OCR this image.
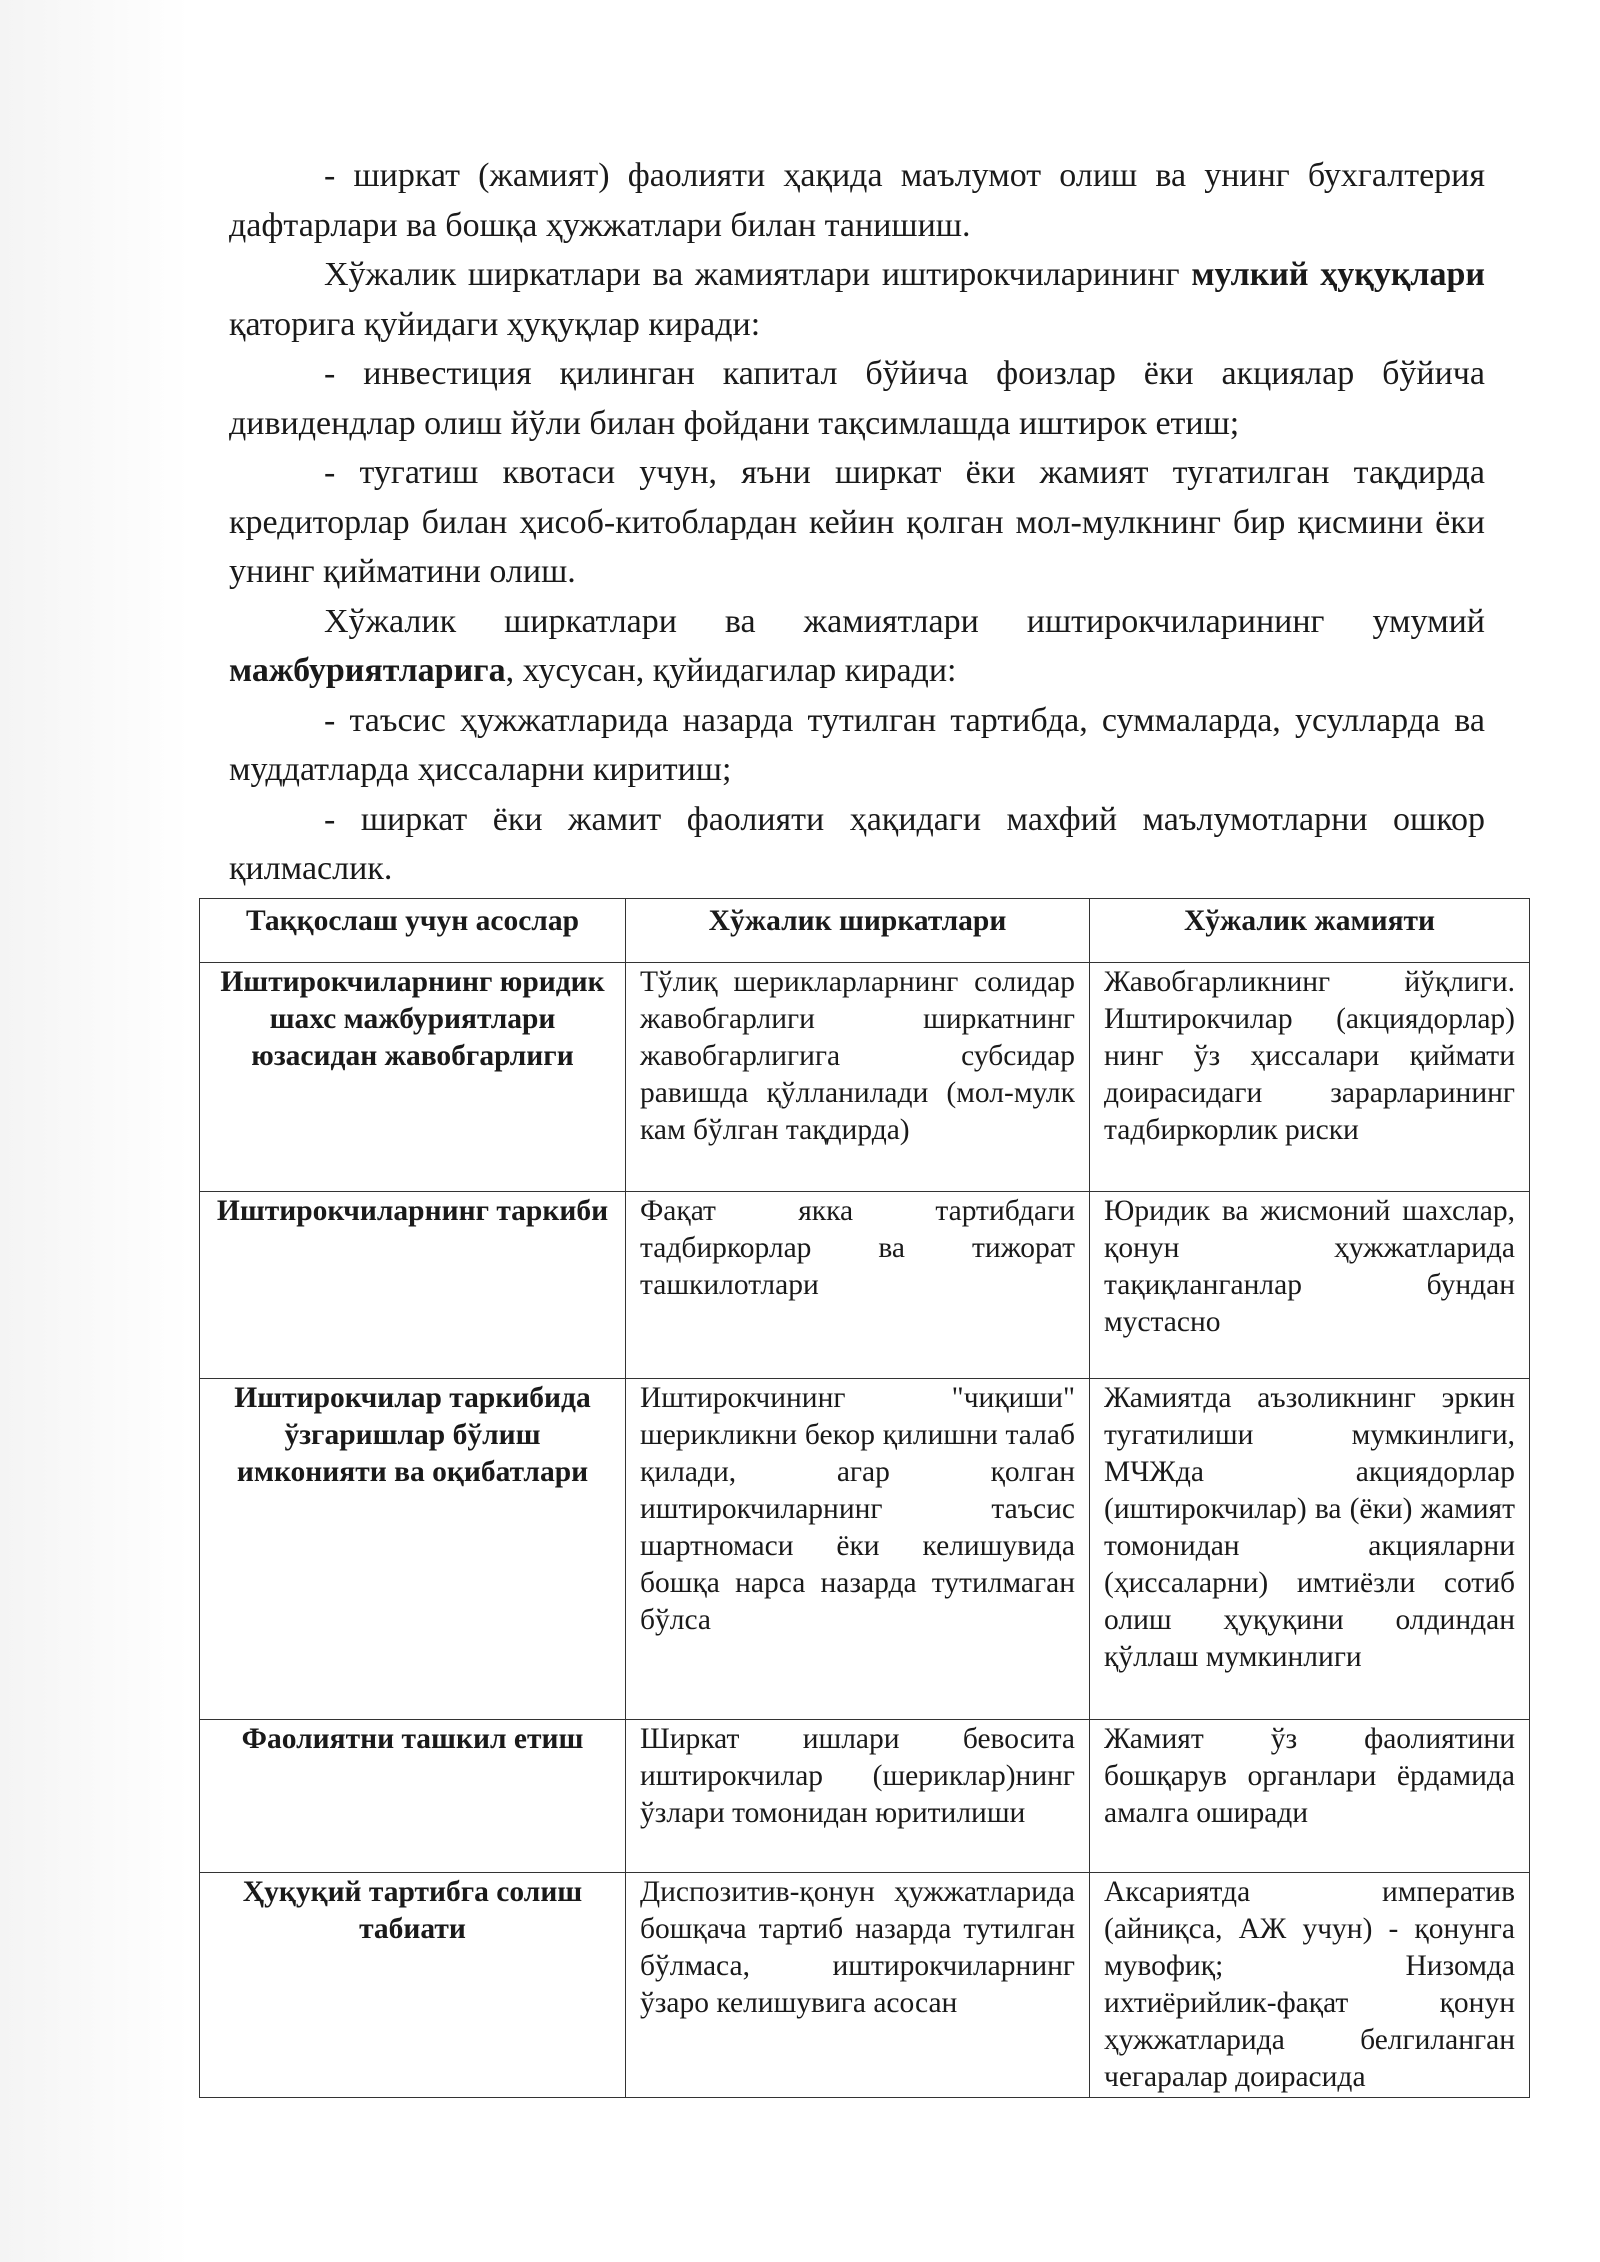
- ширкат (жамият) фаолияти ҳақида маълумот олиш ва унинг бухгалтерия дафтарлари ва бошқа ҳужжатлари билан танишиш.

Хўжалик ширкатлари ва жамиятлари иштирокчиларининг мулкий ҳуқуқлари қаторига қуйидаги ҳуқуқлар киради:

- инвестиция қилинган капитал бўйича фоизлар ёки акциялар бўйича дивидендлар олиш йўли билан фойдани тақсимлашда иштирок етиш;

- тугатиш квотаси учун, яъни ширкат ёки жамият тугатилган тақдирда кредиторлар билан ҳисоб-китоблардан кейин қолган мол-мулкнинг бир қисмини ёки унинг қийматини олиш.

Хўжалик ширкатлари ва жамиятлари иштирокчиларининг умумий мажбуриятларига, хусусан, қуйидагилар киради:

- таъсис ҳужжатларида назарда тутилган тартибда, суммаларда, усулларда ва муддатларда ҳиссаларни киритиш;

- ширкат ёки жамит фаолияти ҳақидаги махфий маълумотларни ошкор қилмаслик.

Таққослаш учун асослар	Хўжалик ширкатлари	Хўжалик жамияти
Иштирокчиларнинг юридик шахс мажбуриятлари юзасидан жавобгарлиги	Тўлиқ шерикларларнинг солидар жавобгарлиги ширкатнинг жавобгарлигига субсидар равишда қўлланилади (мол-мулк кам бўлган тақдирда)	Жавобгарликнинг йўқлиги. Иштирокчилар (акциядорлар) нинг ўз ҳиссалари қиймати доирасидаги зарарларининг тадбиркорлик риски
Иштирокчиларнинг таркиби	Фақат якка тартибдаги тадбиркорлар ва тижорат ташкилотлари	Юридик ва жисмоний шахслар, қонун ҳужжатларида тақиқланганлар бундан мустасно
Иштирокчилар таркибида ўзгаришлар бўлиш имконияти ва оқибатлари	Иштирокчининг "чиқиши" шерикликни бекор қилишни талаб қилади, агар қолган иштирокчиларнинг таъсис шартномаси ёки келишувида бошқа нарса назарда тутилмаган бўлса	Жамиятда аъзоликнинг эркин тугатилиши мумкинлиги, МЧЖда акциядорлар (иштирокчилар) ва (ёки) жамият томонидан акцияларни (ҳиссаларни) имтиёзли сотиб олиш ҳуқуқини олдиндан қўллаш мумкинлиги
Фаолиятни ташкил етиш	Ширкат ишлари бевосита иштирокчилар (шериклар)нинг ўзлари томонидан юритилиши	Жамият ўз фаолиятини бошқарув органлари ёрдамида амалга оширади
Ҳуқуқий тартибга солиш табиати	Диспозитив-қонун ҳужжатларида бошқача тартиб назарда тутилган бўлмаса, иштирокчиларнинг ўзаро келишувига асосан	Аксариятда императив (айниқса, АЖ учун) - қонунга мувофиқ; Низомда ихтиёрийлик-фақат қонун ҳужжатларида белгиланган чегаралар доирасида
